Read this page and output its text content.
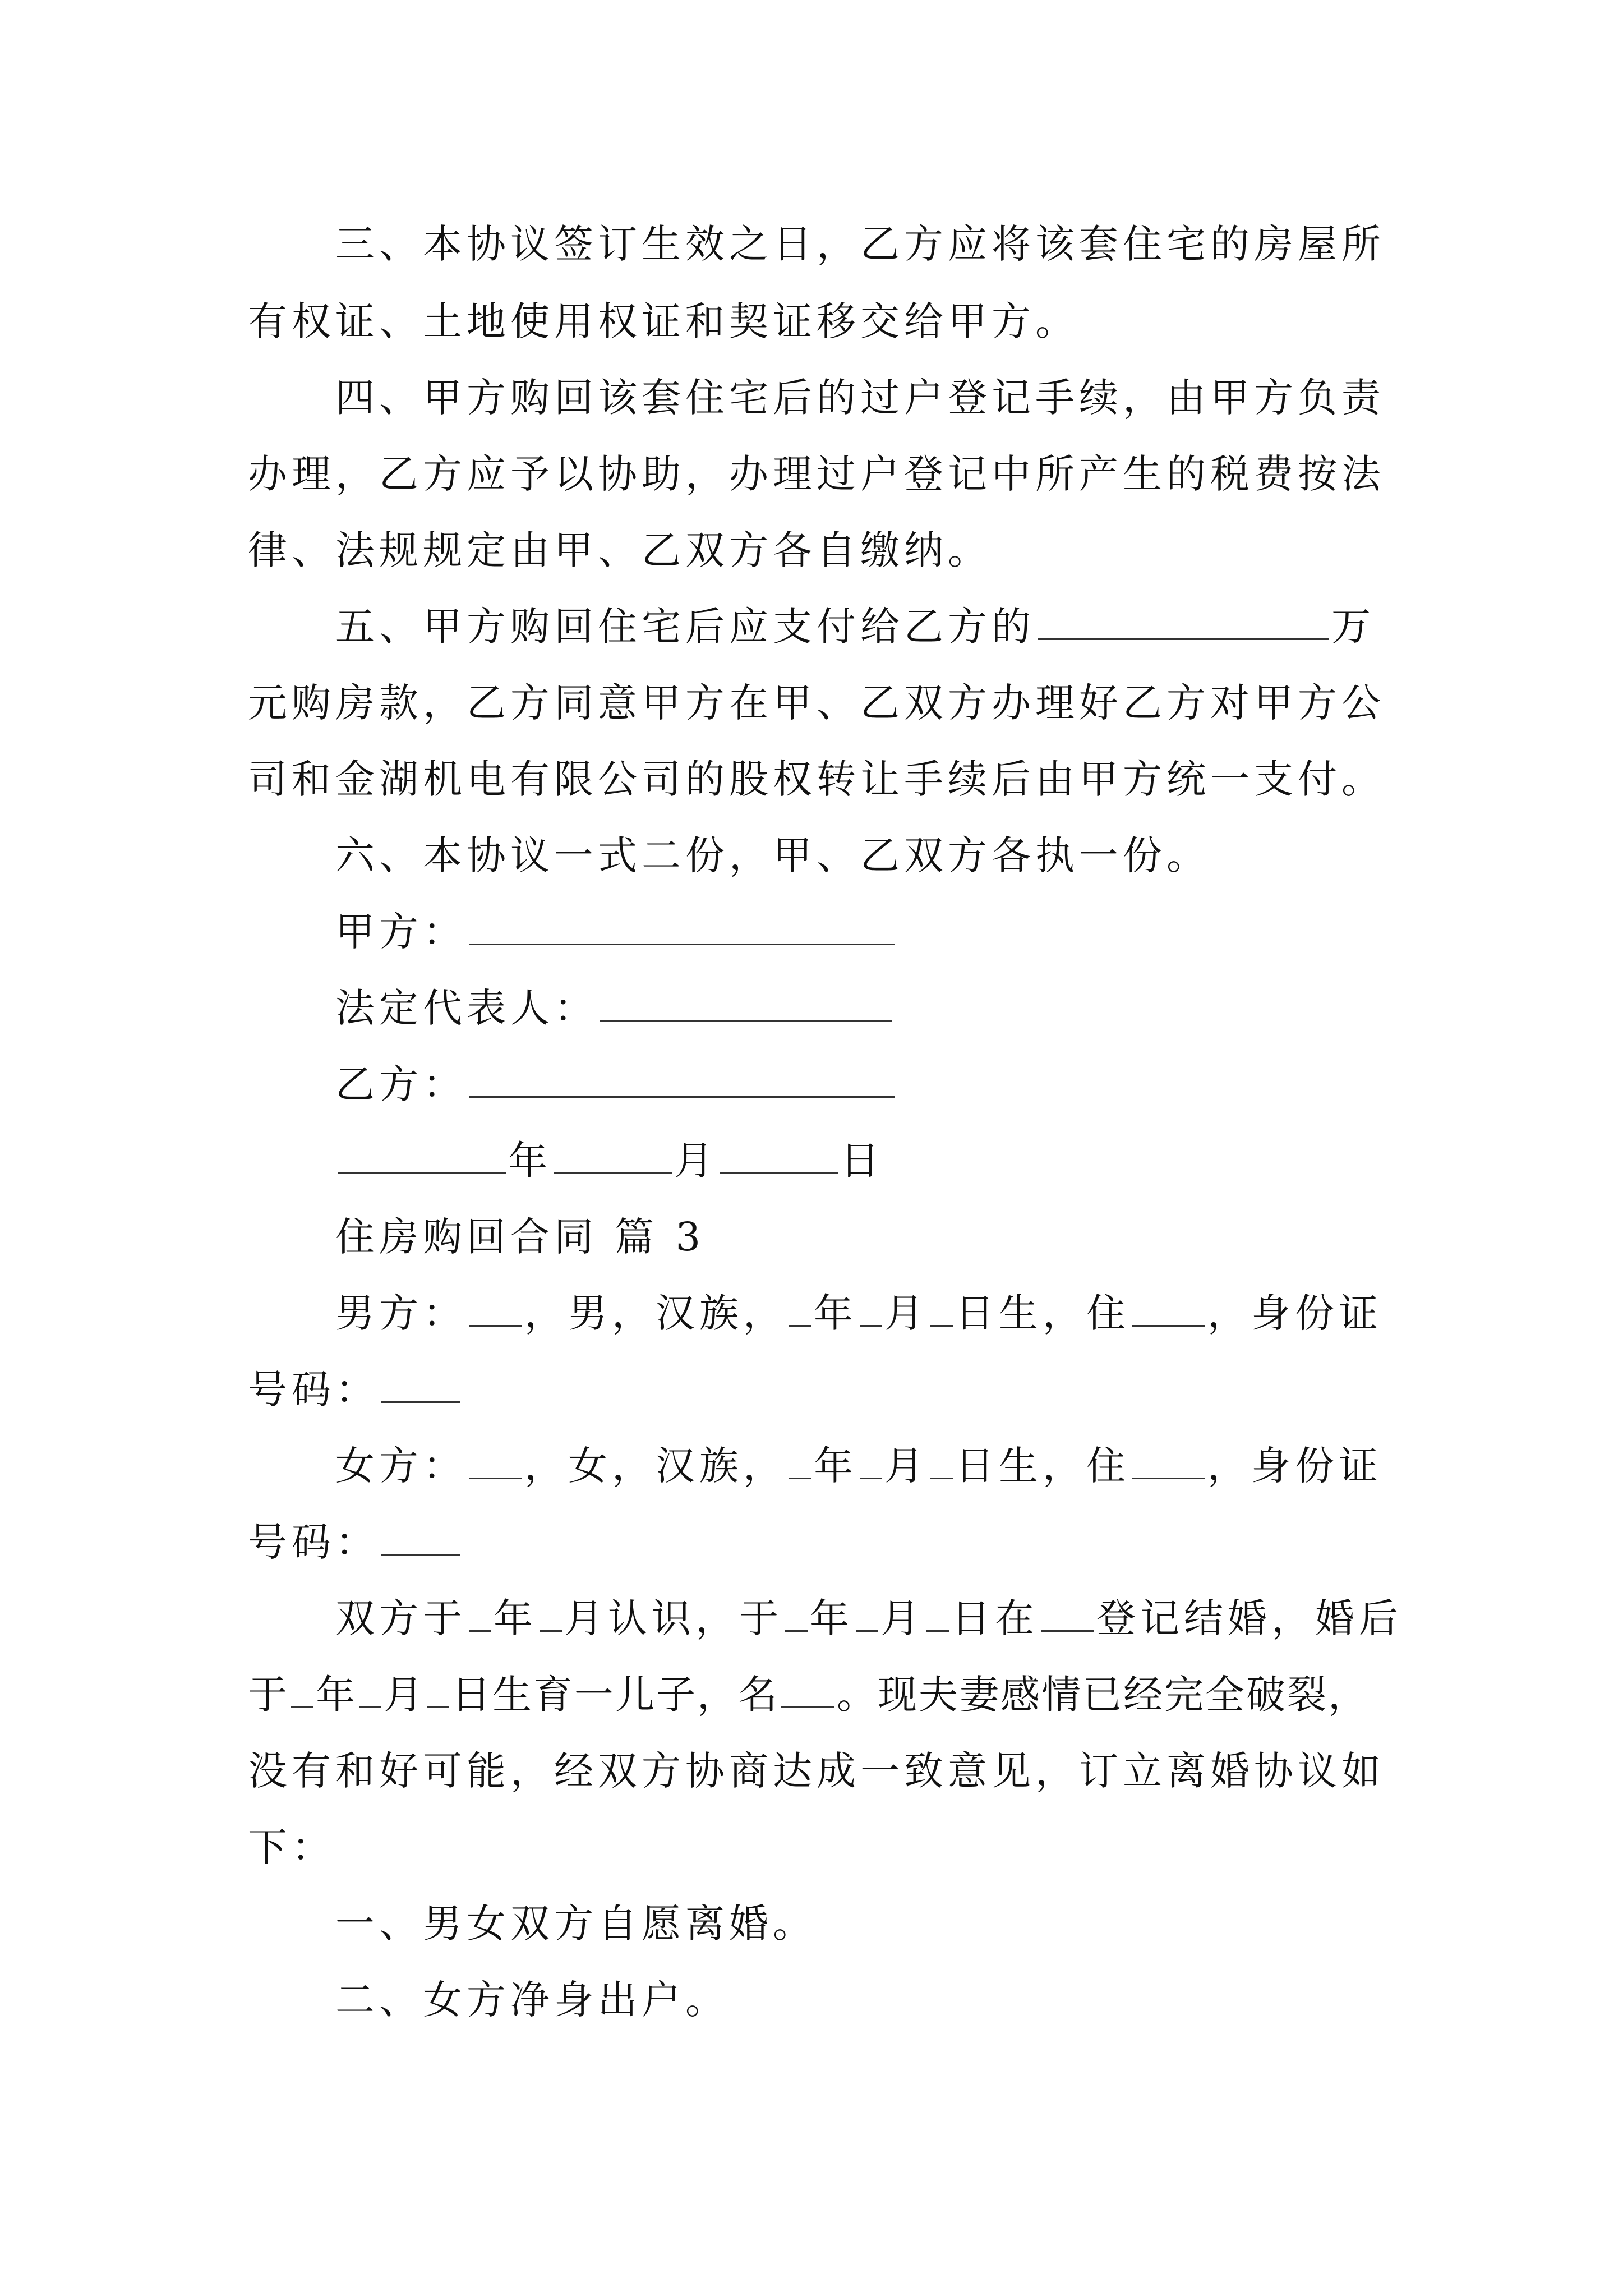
三、本协议签订生效之日，乙方应将该套住宅的房屋所
有权证、土地使用权证和契证移交给甲方。
四、甲方购回该套住宅后的过户登记手续，由甲方负责
办理，乙方应予以协助，办理过户登记中所产生的税费按法
律、法规规定由甲、乙双方各自缴纳。
五、甲方购回住宅后应支付给乙方的	万
元购房款，乙方同意甲方在甲、乙双方办理好乙方对甲方公
司和金湖机电有限公司的股权转让手续后由甲方统一支付。
六、本协议一式二份，甲、乙双方各执一份。
甲方：
法定代表人：
乙方：
年	月	日
住房购回合同 篇 3
男方： ，男，汉族， 年 月 日生，住 ，身份证
号码：
女方： ，女，汉族， 年 月 日生，住 ，身份证
号码：
双方于 年 月认识，于 年 月 日在 登记结婚，婚后
于 年 月 日生育一儿子，名 。现夫妻感情已经完全破裂，
没有和好可能，经双方协商达成一致意见，订立离婚协议如
下：
一、男女双方自愿离婚。
二、女方净身出户。
